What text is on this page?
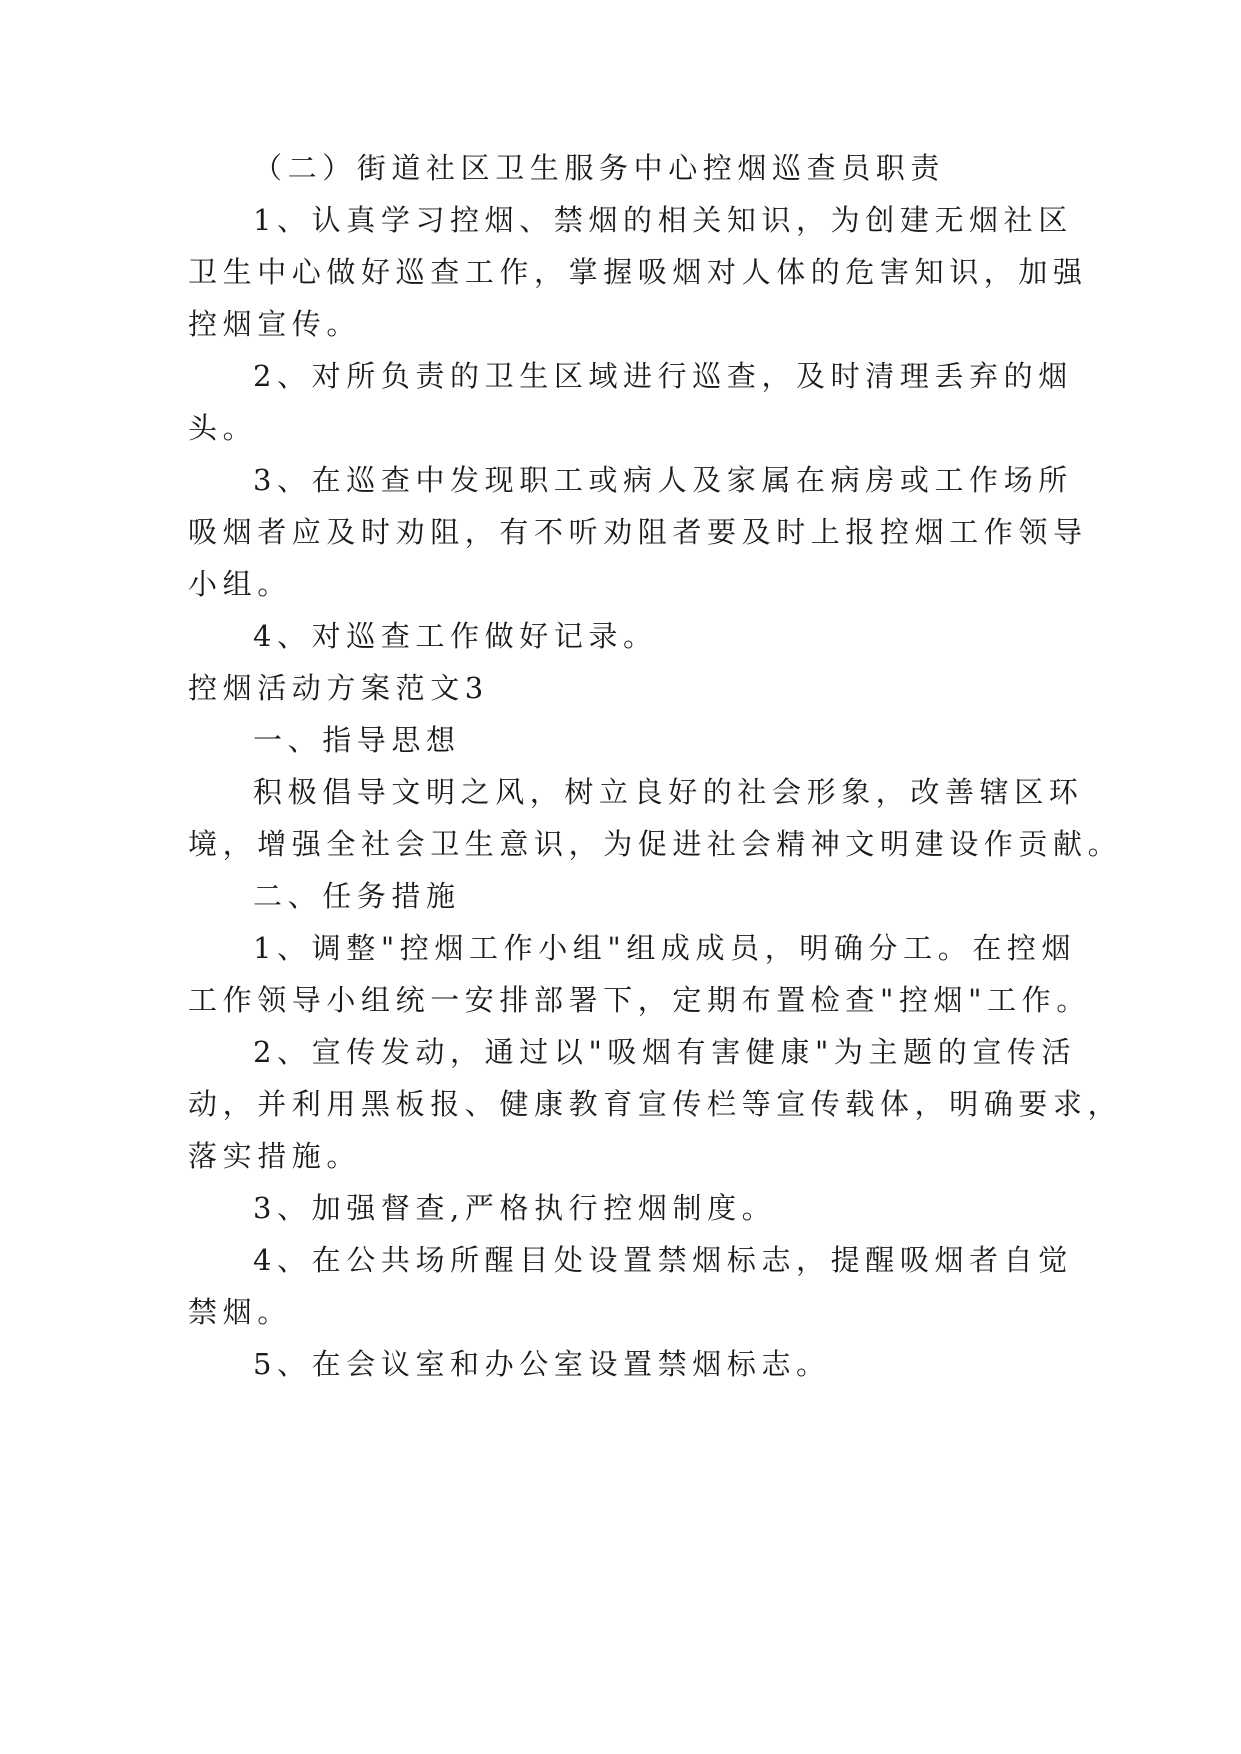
（二）街道社区卫生服务中心控烟巡查员职责
1、认真学习控烟、禁烟的相关知识，为创建无烟社区
卫生中心做好巡查工作，掌握吸烟对人体的危害知识，加强
控烟宣传。
2、对所负责的卫生区域进行巡查，及时清理丢弃的烟
头。
3、在巡查中发现职工或病人及家属在病房或工作场所
吸烟者应及时劝阻，有不听劝阻者要及时上报控烟工作领导
小组。
4、对巡查工作做好记录。
控烟活动方案范文3
一、指导思想
积极倡导文明之风，树立良好的社会形象，改善辖区环
境，增强全社会卫生意识，为促进社会精神文明建设作贡献。
二、任务措施
1、调整"控烟工作小组"组成成员，明确分工。在控烟
工作领导小组统一安排部署下，定期布置检查"控烟"工作。
2、宣传发动，通过以"吸烟有害健康"为主题的宣传活
动，并利用黑板报、健康教育宣传栏等宣传载体，明确要求，
落实措施。
3、加强督查,严格执行控烟制度。
4、在公共场所醒目处设置禁烟标志，提醒吸烟者自觉
禁烟。
5、在会议室和办公室设置禁烟标志。
